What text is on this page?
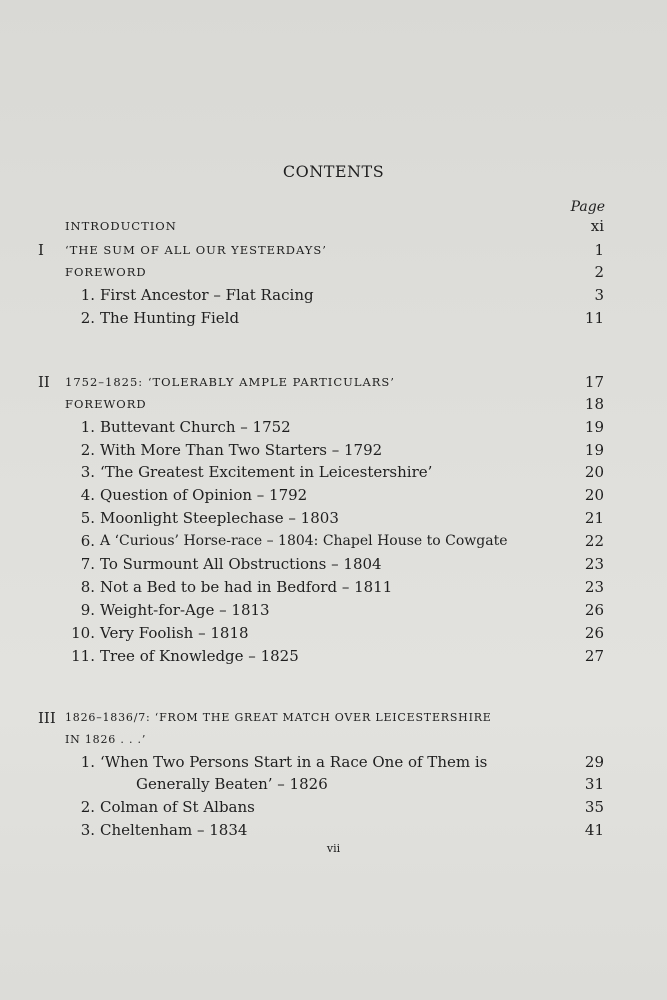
CONTENTS
Page
INTRODUCTION	xi
I ‘THE SUM OF ALL OUR YESTERDAYS’	1
FOREWORD	2
1. First Ancestor – Flat Racing	3
2. The Hunting Field	11
II 1752–1825: ‘TOLERABLY AMPLE PARTICULARS’	17
FOREWORD	18
1. Buttevant Church – 1752	19
2. With More Than Two Starters – 1792	19
3. ‘The Greatest Excitement in Leicestershire’	20
4. Question of Opinion – 1792	20
5. Moonlight Steeplechase – 1803	21
6. A ‘Curious’ Horse-race – 1804: Chapel House to Cowgate	22
7. To Surmount All Obstructions – 1804	23
8. Not a Bed to be had in Bedford – 1811	23
9. Weight-for-Age – 1813	26
10. Very Foolish – 1818	26
11. Tree of Knowledge – 1825	27
III 1826–1836/7: ‘FROM THE GREAT MATCH OVER LEICESTERSHIRE
IN 1826 . . .’
1. ‘When Two Persons Start in a Race One of Them is	29
Generally Beaten’ – 1826	31
2. Colman of St Albans	35
3. Cheltenham – 1834	41
vii
